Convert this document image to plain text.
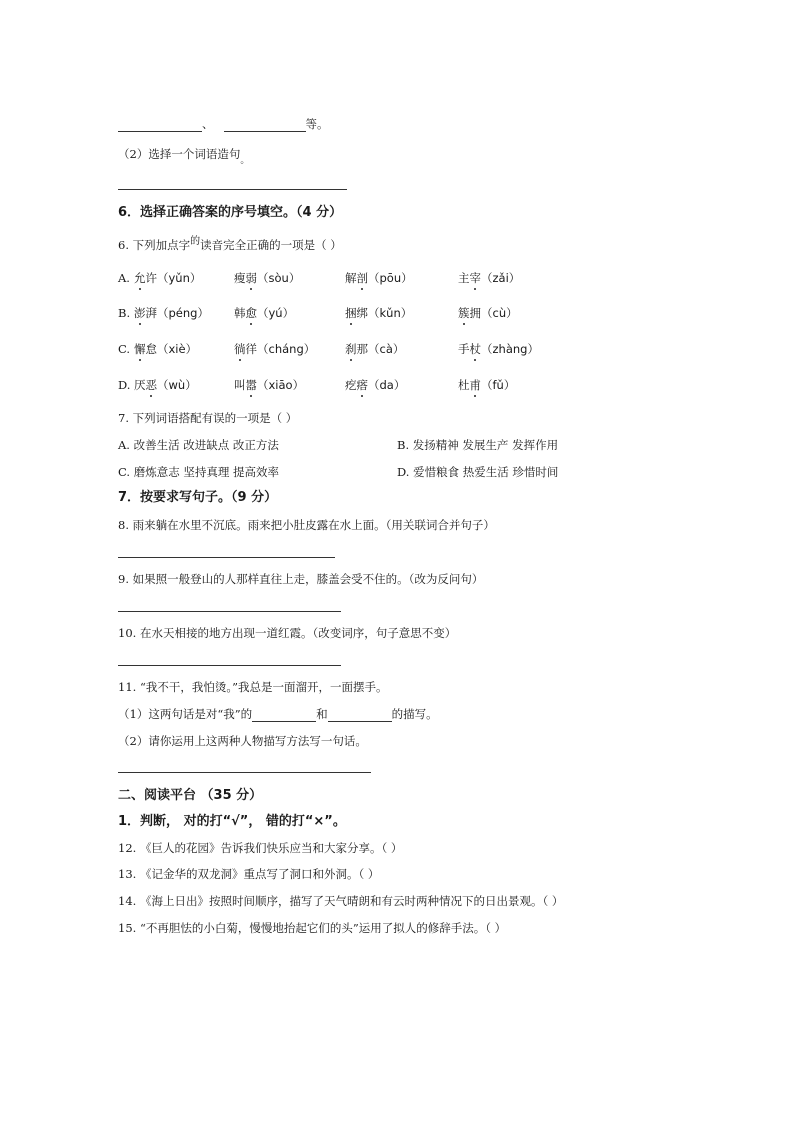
、	等。
（2）选择一个词语造句$_。$
6．选择正确答案的序号填空。（4 分）
6. 下列加点字的读音完全正确的一项是（ ）
A. 允许（yǔn）	瘦弱（sòu）	解剖（pōu）	主宰（zǎi）
B. 澎湃（péng） 韩愈（yú）	捆绑（kǔn）	簇拥（cù）
C. 懈怠（xiè）	徜徉（cháng）	刹那（cà）	手杖（zhàng）
D. 厌恶（wù）	叫嚣（xiāo）	疙瘩（da）	杜甫（fǔ）
7. 下列词语搭配有误的一项是（ ）
A. 改善生活 改进缺点 改正方法	B. 发扬精神 发展生产 发挥作用
C. 磨炼意志 坚持真理 提高效率	D. 爱惜粮食 热爱生活 珍惜时间
7．按要求写句子。（9 分）
8. 雨来躺在水里不沉底。雨来把小肚皮露在水上面。（用关联词合并句子）
9. 如果照一般登山的人那样直往上走，膝盖会受不住的。（改为反问句）
10. 在水天相接的地方出现一道红霞。（改变词序，句子意思不变）
11. “我不干，我怕烫。”我总是一面溜开，一面摆手。
（1）这两句话是对“我”的	和	的描写。
（2）请你运用上这两种人物描写方法写一句话。
二、阅读平台 （35 分）
1．判断， 对的打“√”， 错的打“×”。
12. 《巨人的花园》告诉我们快乐应当和大家分享。（ ）
13. 《记金华的双龙洞》重点写了洞口和外洞。（ ）
14. 《海上日出》按照时间顺序，描写了天气晴朗和有云时两种情况下的日出景观。（ ）
15. “不再胆怯的小白菊，慢慢地抬起它们的头”运用了拟人的修辞手法。（ ）
